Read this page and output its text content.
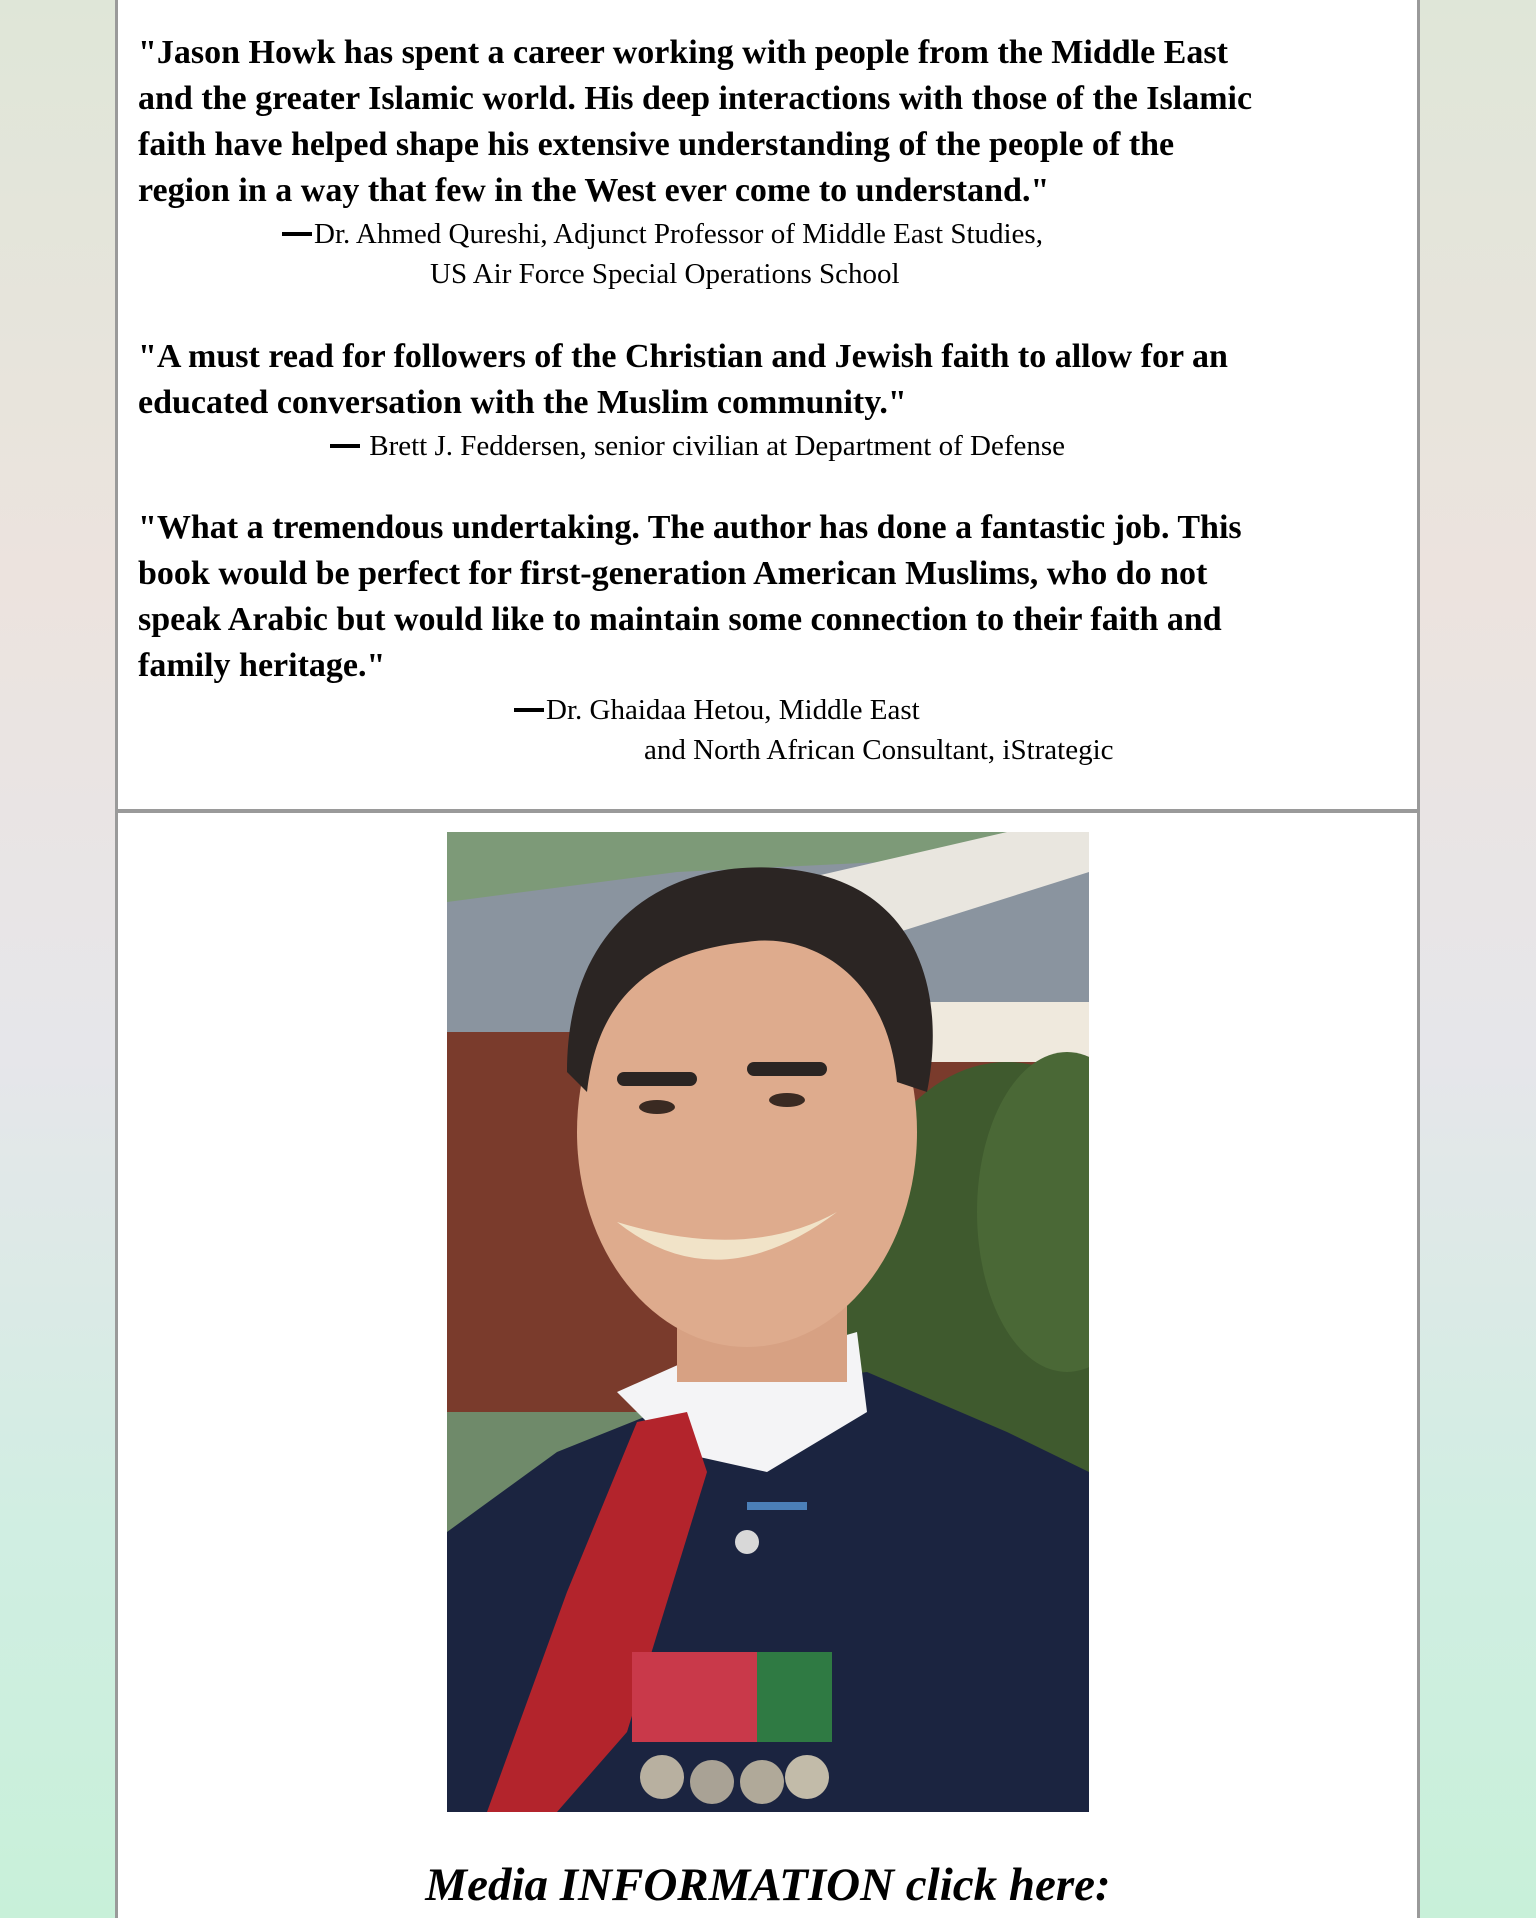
"Jason Howk has spent a career working with people from the Middle East
and the greater Islamic world. His deep interactions with those of the Islamic
faith have helped shape his extensive understanding of the people of the
region in a way that few in the West ever come to understand."
Dr. Ahmed Qureshi, Adjunct Professor of Middle East Studies,
US Air Force Special Operations School
"A must read for followers of the Christian and Jewish faith to allow for an
educated conversation with the Muslim community."
Brett J. Feddersen, senior civilian at Department of Defense
"What a tremendous undertaking. The author has done a fantastic job. This
book would be perfect for first-generation American Muslims, who do not
speak Arabic but would like to maintain some connection to their faith and
family heritage."
Dr. Ghaidaa Hetou, Middle East
and North African Consultant, iStrategic
Media INFORMATION click here:
